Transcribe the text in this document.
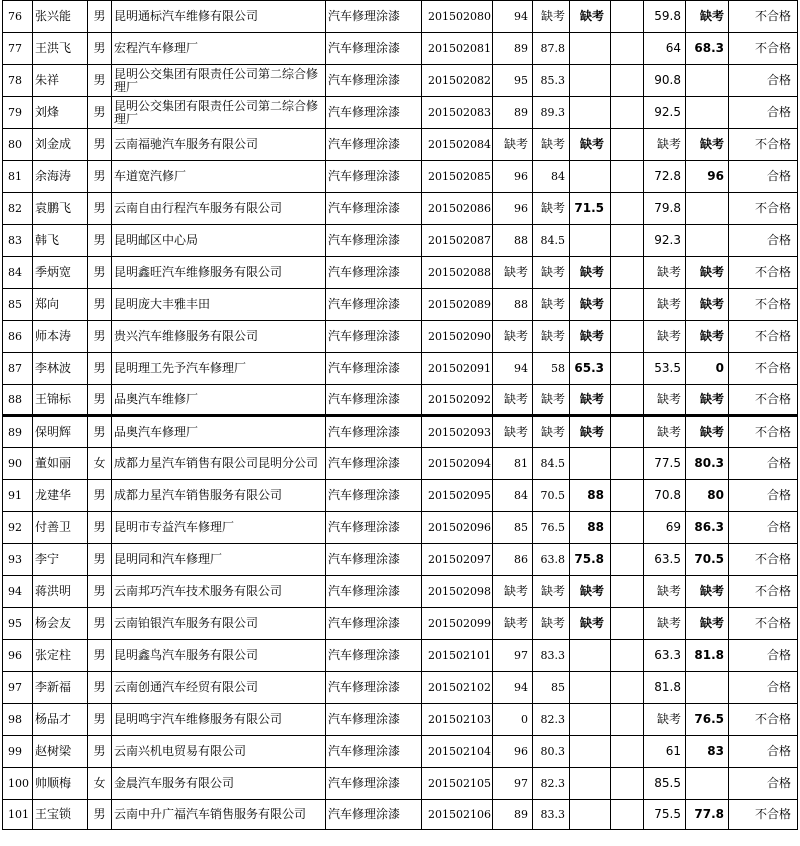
76	张兴能	男	昆明通标汽车维修有限公司	汽车修理涂漆	201502080	94	缺考	缺考		59.8	缺考	不合格
77	王洪飞	男	宏程汽车修理厂	汽车修理涂漆	201502081	89	87.8			64	68.3	不合格
78	朱祥	男	昆明公交集团有限责任公司第二综合修理厂	汽车修理涂漆	201502082	95	85.3			90.8		合格
79	刘烽	男	昆明公交集团有限责任公司第二综合修理厂	汽车修理涂漆	201502083	89	89.3			92.5		合格
80	刘金成	男	云南福驰汽车服务有限公司	汽车修理涂漆	201502084	缺考	缺考	缺考		缺考	缺考	不合格
81	余海涛	男	车道宽汽修厂	汽车修理涂漆	201502085	96	84			72.8	96	合格
82	袁鹏飞	男	云南自由行程汽车服务有限公司	汽车修理涂漆	201502086	96	缺考	71.5		79.8		不合格
83	韩飞	男	昆明邮区中心局	汽车修理涂漆	201502087	88	84.5			92.3		合格
84	季炳宽	男	昆明鑫旺汽车维修服务有限公司	汽车修理涂漆	201502088	缺考	缺考	缺考		缺考	缺考	不合格
85	郑向	男	昆明庞大丰雅丰田	汽车修理涂漆	201502089	88	缺考	缺考		缺考	缺考	不合格
86	师本涛	男	贵兴汽车维修服务有限公司	汽车修理涂漆	201502090	缺考	缺考	缺考		缺考	缺考	不合格
87	李林波	男	昆明理工先予汽车修理厂	汽车修理涂漆	201502091	94	58	65.3		53.5	0	不合格
88	王锦标	男	品奥汽车维修厂	汽车修理涂漆	201502092	缺考	缺考	缺考		缺考	缺考	不合格
89	保明辉	男	品奥汽车修理厂	汽车修理涂漆	201502093	缺考	缺考	缺考		缺考	缺考	不合格
90	董如丽	女	成都力星汽车销售有限公司昆明分公司	汽车修理涂漆	201502094	81	84.5			77.5	80.3	合格
91	龙建华	男	成都力星汽车销售服务有限公司	汽车修理涂漆	201502095	84	70.5	88		70.8	80	合格
92	付善卫	男	昆明市专益汽车修理厂	汽车修理涂漆	201502096	85	76.5	88		69	86.3	合格
93	李宁	男	昆明同和汽车修理厂	汽车修理涂漆	201502097	86	63.8	75.8		63.5	70.5	不合格
94	蒋洪明	男	云南邦巧汽车技术服务有限公司	汽车修理涂漆	201502098	缺考	缺考	缺考		缺考	缺考	不合格
95	杨会友	男	云南铂银汽车服务有限公司	汽车修理涂漆	201502099	缺考	缺考	缺考		缺考	缺考	不合格
96	张定柱	男	昆明鑫鸟汽车服务有限公司	汽车修理涂漆	201502101	97	83.3			63.3	81.8	合格
97	李新福	男	云南创通汽车经贸有限公司	汽车修理涂漆	201502102	94	85			81.8		合格
98	杨品才	男	昆明鸣宇汽车维修服务有限公司	汽车修理涂漆	201502103	0	82.3			缺考	76.5	不合格
99	赵树梁	男	云南兴机电贸易有限公司	汽车修理涂漆	201502104	96	80.3			61	83	合格
100	帅顺梅	女	金晨汽车服务有限公司	汽车修理涂漆	201502105	97	82.3			85.5		合格
101	王宝锁	男	云南中升广福汽车销售服务有限公司	汽车修理涂漆	201502106	89	83.3			75.5	77.8	不合格
